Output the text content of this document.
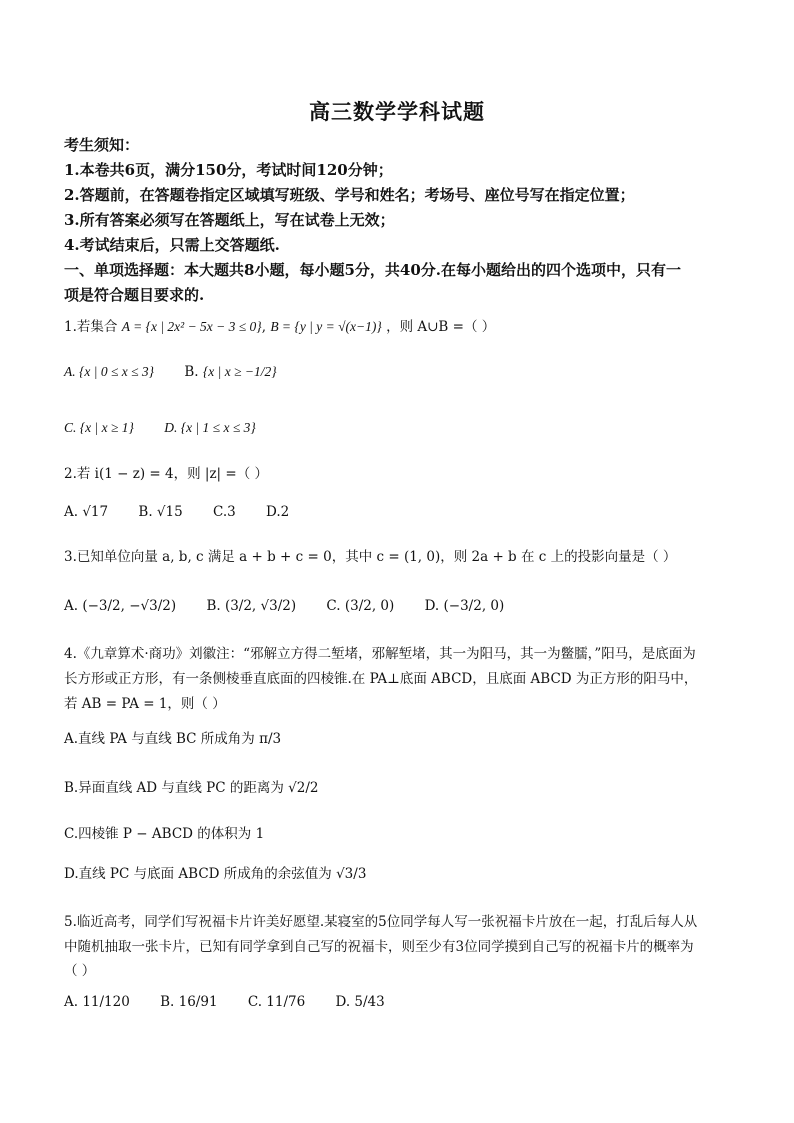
高三数学学科试题
考生须知：
1.本卷共6页，满分150分，考试时间120分钟；
2.答题前，在答题卷指定区域填写班级、学号和姓名；考场号、座位号写在指定位置；
3.所有答案必须写在答题纸上，写在试卷上无效；
4.考试结束后，只需上交答题纸.
一、单项选择题：本大题共8小题，每小题5分，共40分.在每小题给出的四个选项中，只有一
项是符合题目要求的.
1.若集合 A = {x | 2x² − 5x − 3 ≤ 0}, B = {y | y = √(x−1)} ，则 A∪B =（ ）
A. {x | 0 ≤ x ≤ 3} B. {x | x ≥ −1/2}
C. {x | x ≥ 1} D. {x | 1 ≤ x ≤ 3}
2.若 i(1 − z) = 4，则 |z| =（ ）
A. √17 B. √15 C.3 D.2
3.已知单位向量 a, b, c 满足 a + b + c = 0，其中 c = (1, 0)，则 2a + b 在 c 上的投影向量是（ ）
A. (−3/2, −√3/2) B. (3/2, √3/2) C. (3/2, 0) D. (−3/2, 0)
4.《九章算术·商功》刘徽注：“邪解立方得二堑堵，邪解堑堵，其一为阳马，其一为鳖臑，”阳马，是底面为
长方形或正方形，有一条侧棱垂直底面的四棱锥.在 PA⊥底面 ABCD，且底面 ABCD 为正方形的阳马中，
若 AB = PA = 1，则（ ）
A.直线 PA 与直线 BC 所成角为 π/3
B.异面直线 AD 与直线 PC 的距离为 √2/2
C.四棱锥 P − ABCD 的体积为 1
D.直线 PC 与底面 ABCD 所成角的余弦值为 √3/3
5.临近高考，同学们写祝福卡片许美好愿望.某寝室的5位同学每人写一张祝福卡片放在一起，打乱后每人从
中随机抽取一张卡片，已知有同学拿到自己写的祝福卡，则至少有3位同学摸到自己写的祝福卡片的概率为
（ ）
A. 11/120 B. 16/91 C. 11/76 D. 5/43
